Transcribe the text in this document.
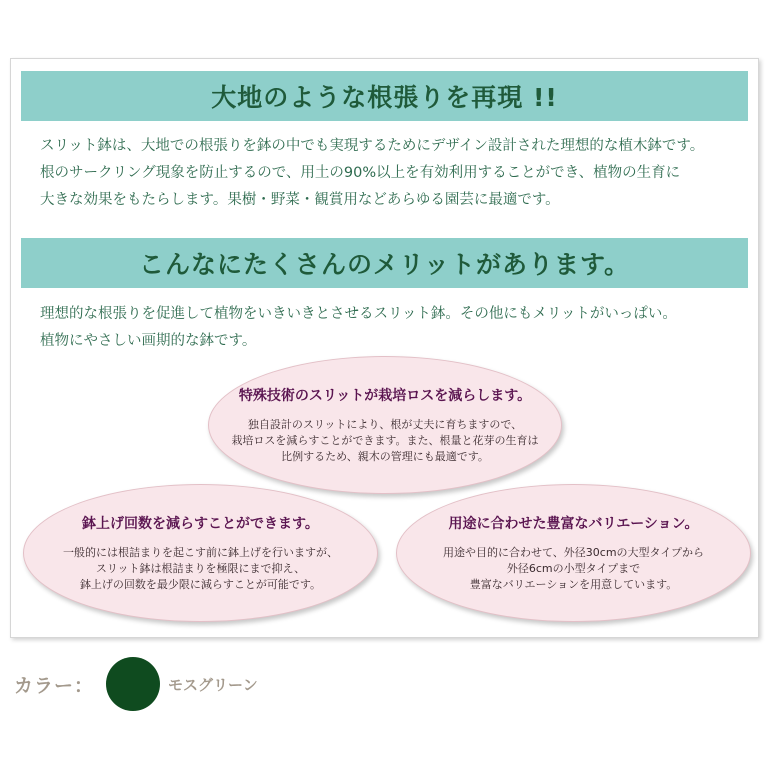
大地のような根張りを再現 !!
スリット鉢は、大地での根張りを鉢の中でも実現するためにデザイン設計された理想的な植木鉢です。
根のサークリング現象を防止するので、用土の90%以上を有効利用することができ、植物の生育に
大きな効果をもたらします。果樹・野菜・観賞用などあらゆる園芸に最適です。
こんなにたくさんのメリットがあります。
理想的な根張りを促進して植物をいきいきとさせるスリット鉢。その他にもメリットがいっぱい。
植物にやさしい画期的な鉢です。
特殊技術のスリットが栽培ロスを減らします。
独自設計のスリットにより、根が丈夫に育ちますので、
栽培ロスを減らすことができます。また、根量と花芽の生育は
比例するため、親木の管理にも最適です。
鉢上げ回数を減らすことができます。
一般的には根詰まりを起こす前に鉢上げを行いますが、
スリット鉢は根詰まりを極限にまで抑え、
鉢上げの回数を最少限に減らすことが可能です。
用途に合わせた豊富なバリエーション。
用途や目的に合わせて、外径30cmの大型タイプから
外径6cmの小型タイプまで
豊富なバリエーションを用意しています。
カラー：	モスグリーン
